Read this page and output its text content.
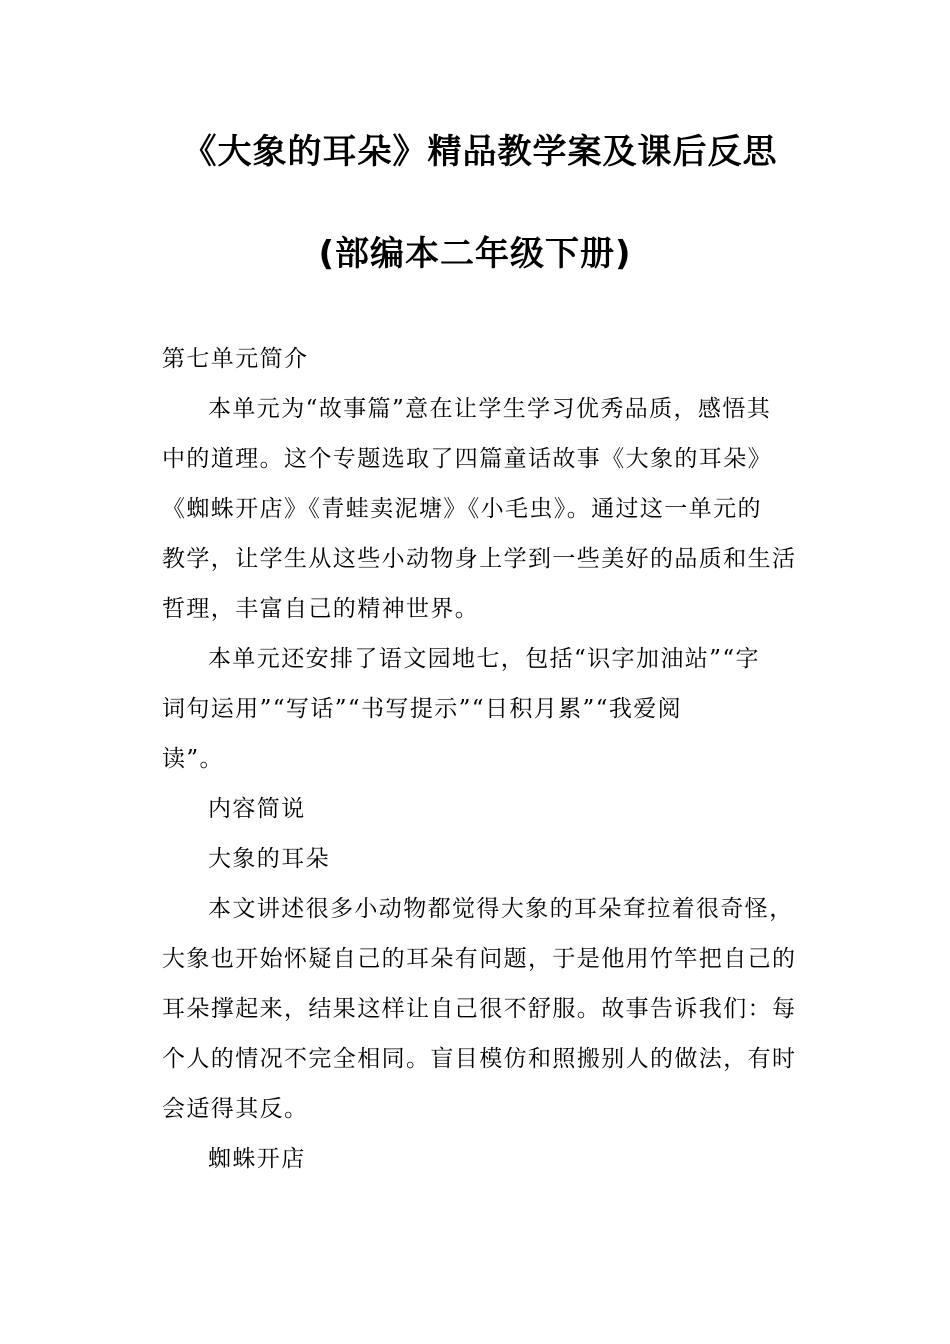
《大象的耳朵》精品教学案及课后反思
(部编本二年级下册)
第七单元简介
本单元为“故事篇”意在让学生学习优秀品质，感悟其
中的道理。这个专题选取了四篇童话故事《大象的耳朵》
《蜘蛛开店》《青蛙卖泥塘》《小毛虫》。通过这一单元的
教学，让学生从这些小动物身上学到一些美好的品质和生活
哲理，丰富自己的精神世界。
本单元还安排了语文园地七，包括“识字加油站”“字
词句运用”“写话”“书写提示”“日积月累”“我爱阅
读”。
内容简说
大象的耳朵
本文讲述很多小动物都觉得大象的耳朵耷拉着很奇怪，
大象也开始怀疑自己的耳朵有问题，于是他用竹竿把自己的
耳朵撑起来，结果这样让自己很不舒服。故事告诉我们：每
个人的情况不完全相同。盲目模仿和照搬别人的做法，有时
会适得其反。
蜘蛛开店
